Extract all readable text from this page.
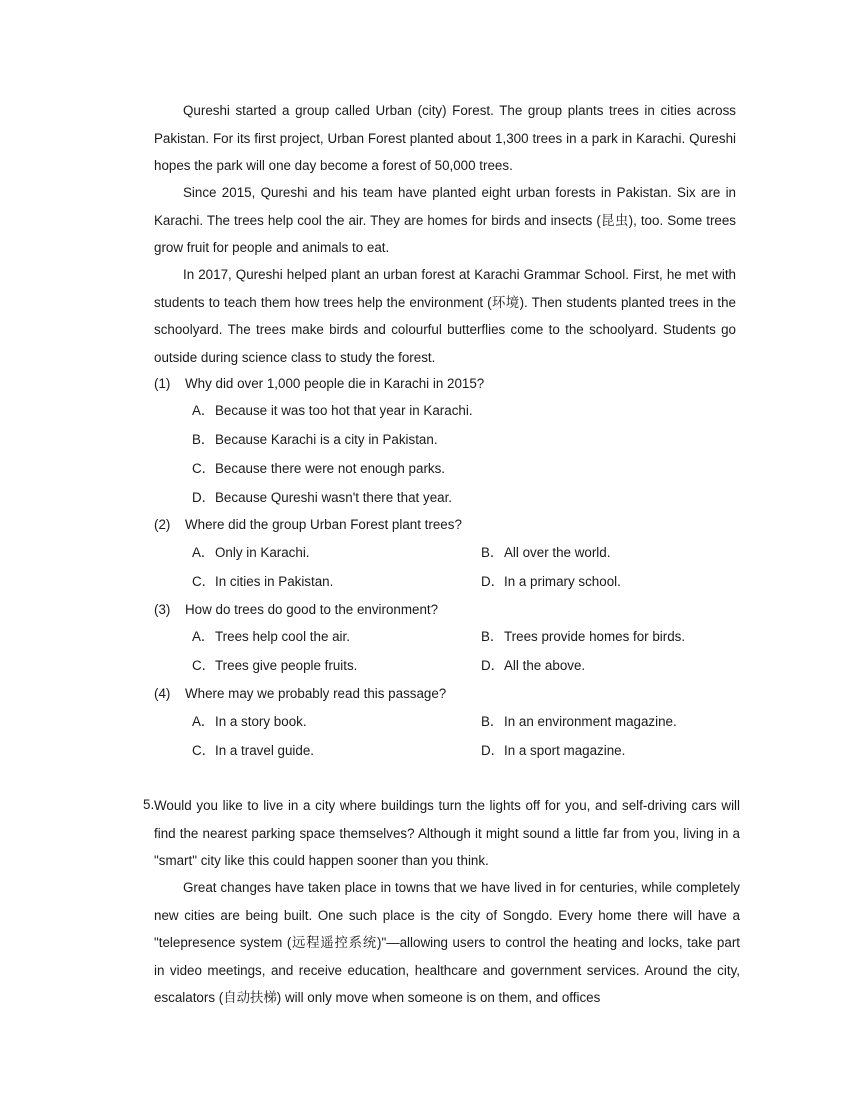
Qureshi started a group called Urban (city) Forest. The group plants trees in cities across Pakistan. For its first project, Urban Forest planted about 1,300 trees in a park in Karachi. Qureshi hopes the park will one day become a forest of 50,000 trees.

Since 2015, Qureshi and his team have planted eight urban forests in Pakistan. Six are in Karachi. The trees help cool the air. They are homes for birds and insects (昆虫), too. Some trees grow fruit for people and animals to eat.

In 2017, Qureshi helped plant an urban forest at Karachi Grammar School. First, he met with students to teach them how trees help the environment (环境). Then students planted trees in the schoolyard. The trees make birds and colourful butterflies come to the schoolyard. Students go outside during science class to study the forest.

(1) Why did over 1,000 people die in Karachi in 2015?
A．Because it was too hot that year in Karachi.
B．Because Karachi is a city in Pakistan.
C．Because there were not enough parks.
D．Because Qureshi wasn't there that year.
(2) Where did the group Urban Forest plant trees?
A．Only in Karachi.	B．All over the world.
C．In cities in Pakistan.	D．In a primary school.
(3) How do trees do good to the environment?
A．Trees help cool the air.	B．Trees provide homes for birds.
C．Trees give people fruits.	D．All the above.
(4) Where may we probably read this passage?
A．In a story book.	B．In an environment magazine.
C．In a travel guide.	D．In a sport magazine.
5. Would you like to live in a city where buildings turn the lights off for you, and self-driving cars will find the nearest parking space themselves? Although it might sound a little far from you, living in a "smart" city like this could happen sooner than you think.

Great changes have taken place in towns that we have lived in for centuries, while completely new cities are being built. One such place is the city of Songdo. Every home there will have a "telepresence system (远程遥控系统)"—allowing users to control the heating and locks, take part in video meetings, and receive education, healthcare and government services. Around the city, escalators (自动扶梯) will only move when someone is on them, and offices
